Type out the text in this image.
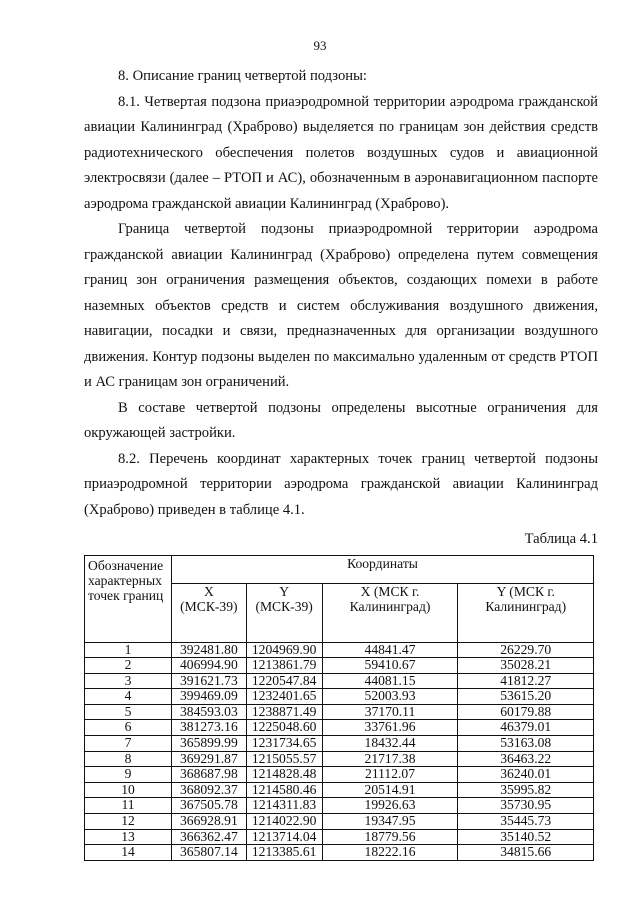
93

8. Описание границ четвертой подзоны:

8.1. Четвертая подзона приаэродромной территории аэродрома гражданской авиации Калининград (Храброво) выделяется по границам зон действия средств радиотехнического обеспечения полетов воздушных судов и авиационной электросвязи (далее – РТОП и АС), обозначенным в аэронавигационном паспорте аэродрома гражданской авиации Калининград (Храброво).

Граница четвертой подзоны приаэродромной территории аэродрома гражданской авиации Калининград (Храброво) определена путем совмещения границ зон ограничения размещения объектов, создающих помехи в работе наземных объектов средств и систем обслуживания воздушного движения, навигации, посадки и связи, предназначенных для организации воздушного движения. Контур подзоны выделен по максимально удаленным от средств РТОП и АС границам зон ограничений.

В составе четвертой подзоны определены высотные ограничения для окружающей застройки.

8.2. Перечень координат характерных точек границ четвертой подзоны приаэродромной территории аэродрома гражданской авиации Калининград (Храброво) приведен в таблице 4.1.

Таблица 4.1
Обозначение характерных точек границ	Координаты			
	X (МСК-39)	Y (МСК-39)	X (МСК г. Калининград)	Y (МСК г. Калининград)
1	392481.80	1204969.90	44841.47	26229.70
2	406994.90	1213861.79	59410.67	35028.21
3	391621.73	1220547.84	44081.15	41812.27
4	399469.09	1232401.65	52003.93	53615.20
5	384593.03	1238871.49	37170.11	60179.88
6	381273.16	1225048.60	33761.96	46379.01
7	365899.99	1231734.65	18432.44	53163.08
8	369291.87	1215055.57	21717.38	36463.22
9	368687.98	1214828.48	21112.07	36240.01
10	368092.37	1214580.46	20514.91	35995.82
11	367505.78	1214311.83	19926.63	35730.95
12	366928.91	1214022.90	19347.95	35445.73
13	366362.47	1213714.04	18779.56	35140.52
14	365807.14	1213385.61	18222.16	34815.66
